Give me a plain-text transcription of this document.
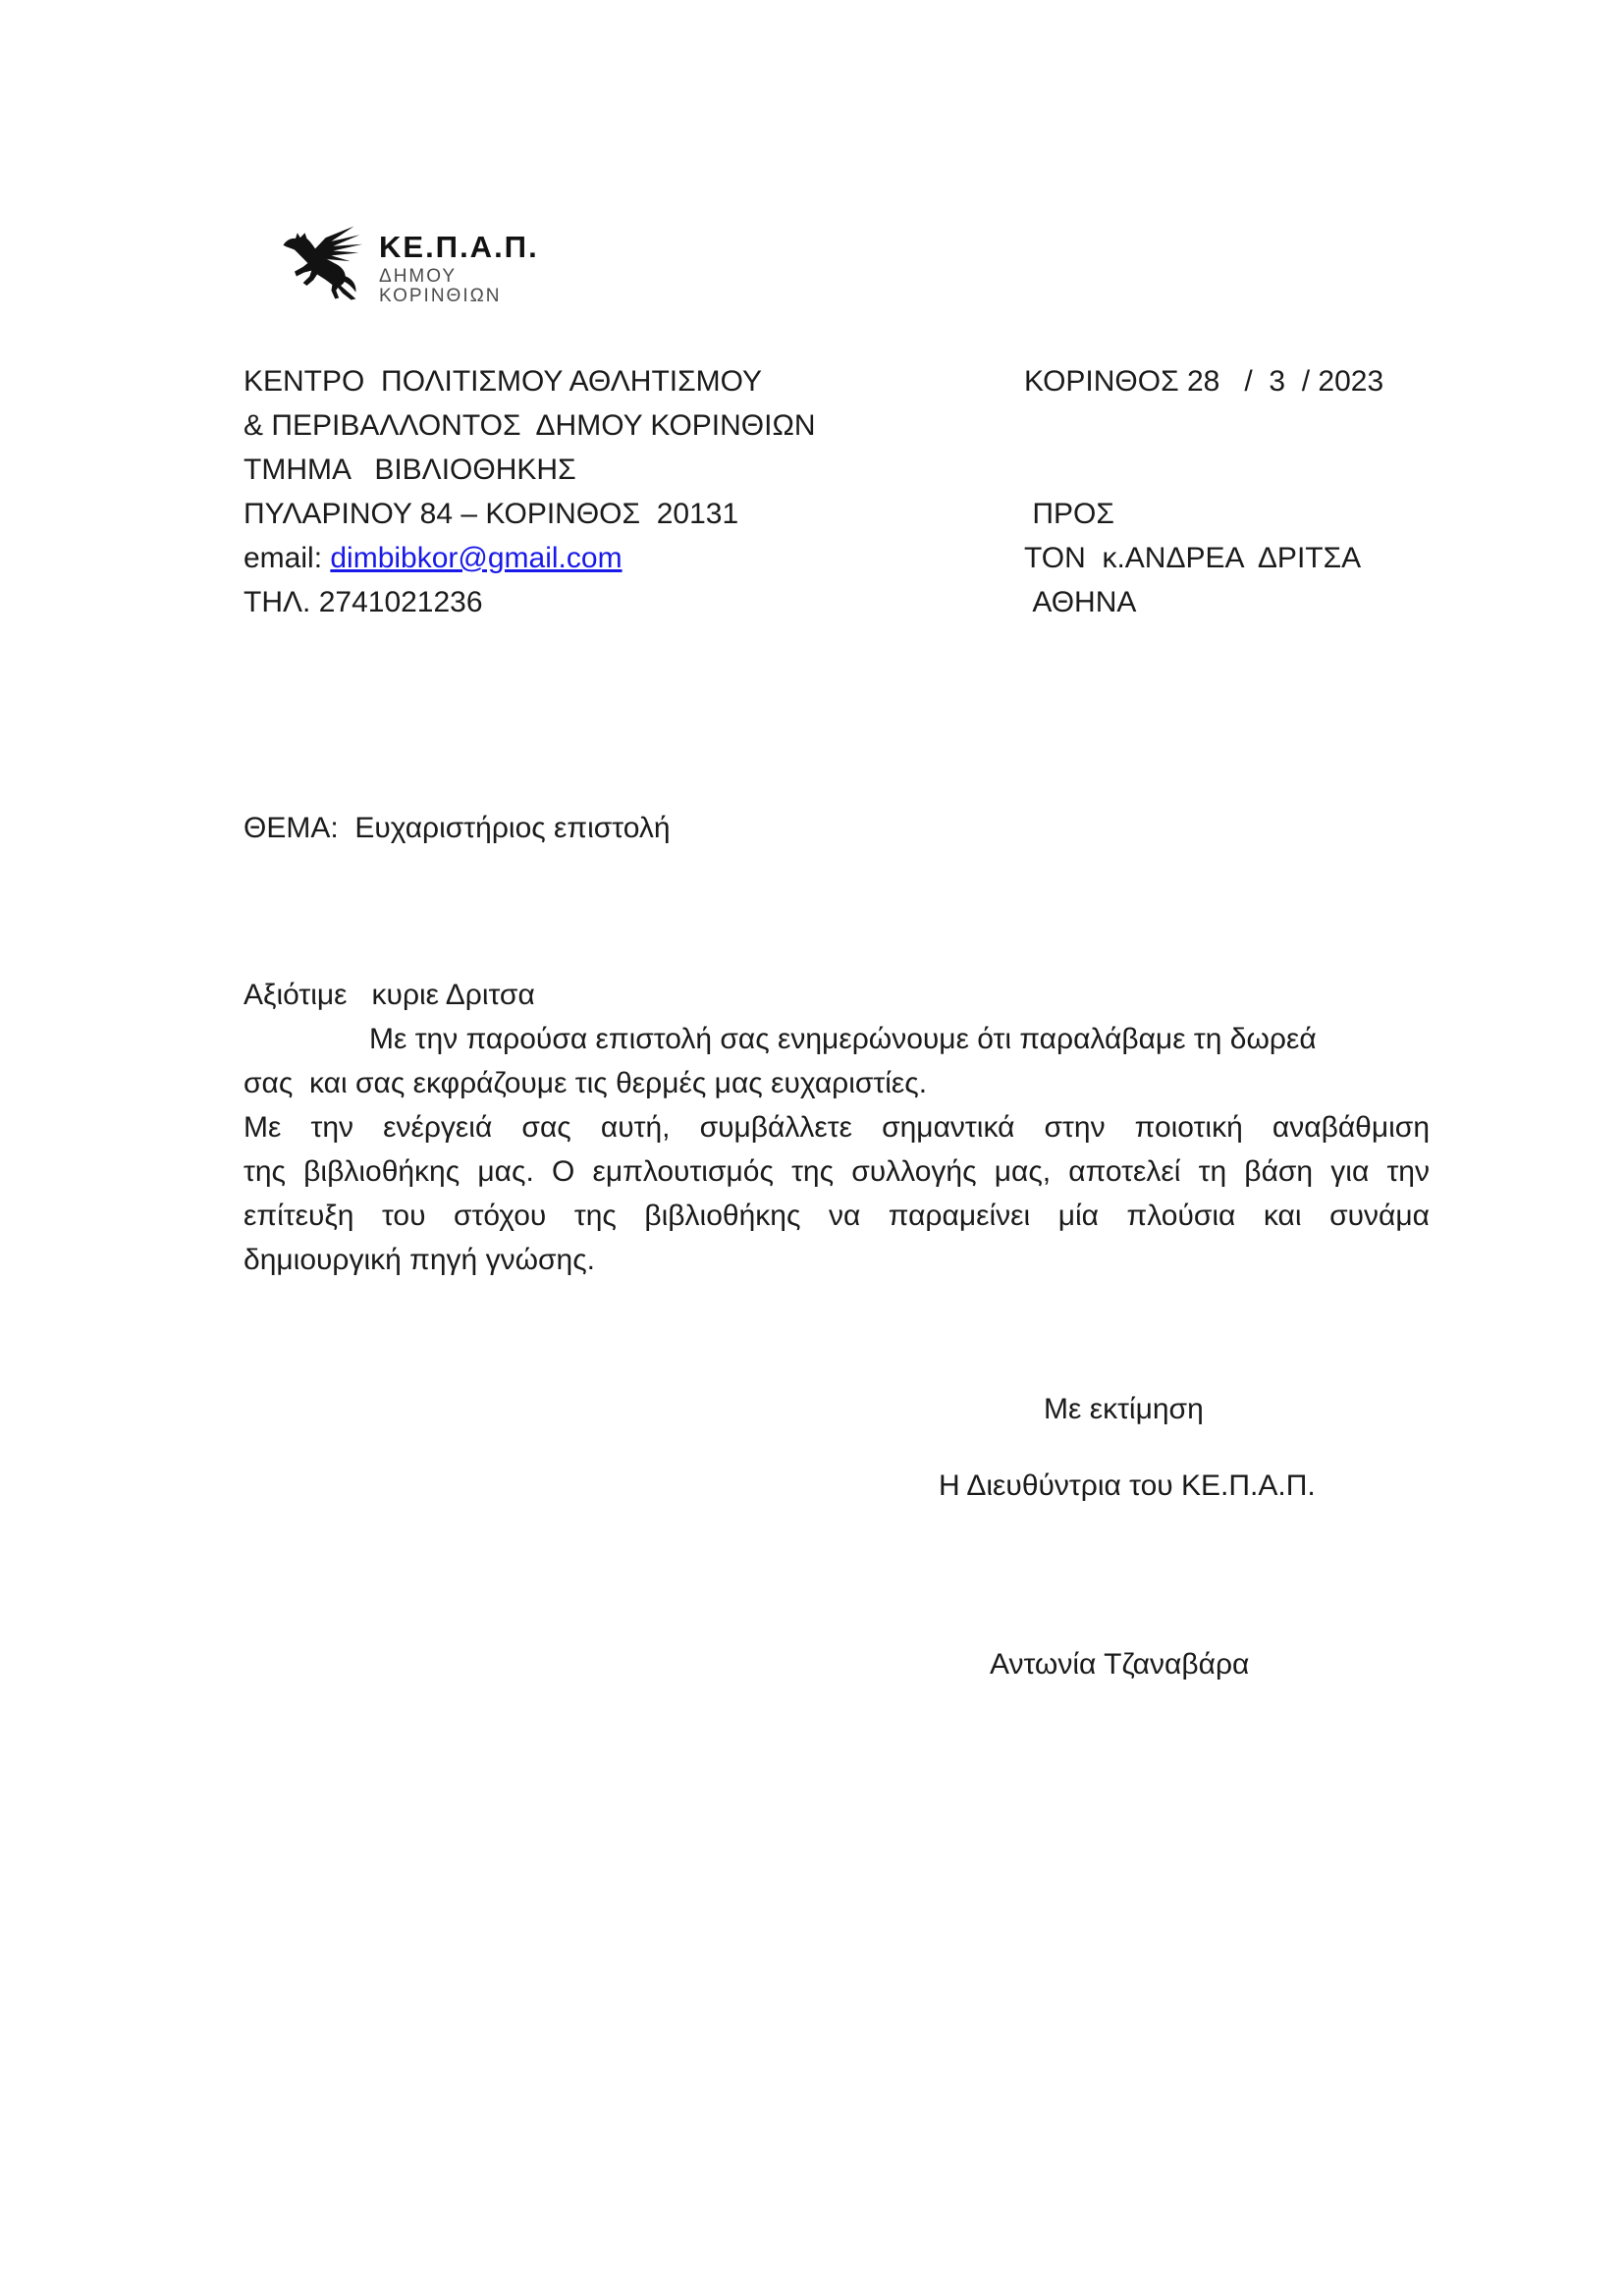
ΚΕ.Π.Α.Π.
ΔΗΜΟΥ
ΚΟΡΙΝΘΙΩΝ
ΚΕΝΤΡΟ  ΠΟΛΙΤΙΣΜΟΥ ΑΘΛΗΤΙΣΜΟΥ
& ΠΕΡΙΒΑΛΛΟΝΤΟΣ  ΔΗΜΟΥ ΚΟΡΙΝΘΙΩΝ
ΤΜΗΜΑ   ΒΙΒΛΙΟΘΗΚΗΣ
ΠΥΛΑΡΙΝΟΥ 84 – ΚΟΡΙΝΘΟΣ  20131
email: dimbibkor@gmail.com
ΤΗΛ. 2741021236
ΚΟΡΙΝΘΟΣ 28   /  3  / 2023
ΠΡΟΣ
ΤΟΝ  κ.ΑΝΔΡΕΑ  ΔΡΙΤΣΑ
ΑΘΗΝΑ
ΘΕΜΑ:  Ευχαριστήριος επιστολή
Αξιότιμε   κυριε Δριτσα
Με την παρούσα επιστολή σας ενημερώνουμε ότι παραλάβαμε τη δωρεά
σας  και σας εκφράζουμε τις θερμές μας ευχαριστίες.
Με την ενέργειά σας αυτή, συμβάλλετε σημαντικά στην ποιοτική αναβάθμιση
της βιβλιοθήκης μας. Ο εμπλουτισμός της συλλογής μας, αποτελεί τη βάση για την
επίτευξη του στόχου της βιβλιοθήκης να παραμείνει μία πλούσια και συνάμα
δημιουργική πηγή γνώσης.
Με εκτίμηση
Η Διευθύντρια του ΚΕ.Π.Α.Π.
Αντωνία Τζαναβάρα
